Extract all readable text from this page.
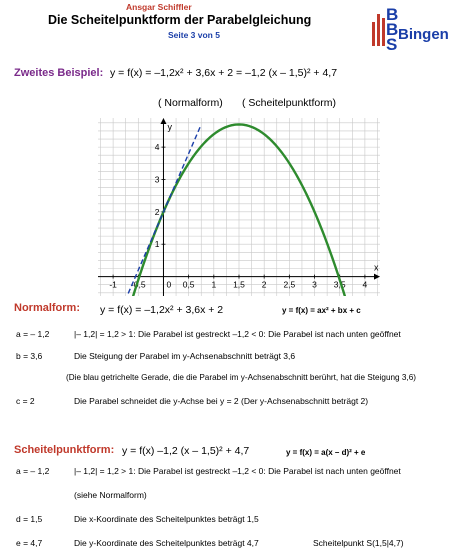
Ansgar Schiffler
Die Scheitelpunktform der Parabelgleichung
Seite 3 von 5
B
B
S
Bingen
Zweites Beispiel: y = f(x) = –1,2x² + 3,6x + 2 = –1,2 (x – 1,5)² + 4,7
( Normalform) ( Scheitelpunktform)
x
y
-1 -0,5 0 0,5 1 1,5 2 2,5 3 3,5 4
1
2
3
4
Normalform: y = f(x) = –1,2x² + 3,6x + 2	y = f(x) = ax² + bx + c
a = – 1,2	|– 1,2| = 1,2 > 1: Die Parabel ist gestreckt –1,2 < 0: Die Parabel ist nach unten geöffnet
b = 3,6	Die Steigung der Parabel im y-Achsenabschnitt beträgt 3,6
(Die blau getrichelte Gerade, die die Parabel im y-Achsenabschnitt berührt, hat die Steigung 3,6)
c = 2	Die Parabel schneidet die y-Achse bei y = 2 (Der y-Achsenabschnitt beträgt 2)
Scheitelpunktform: y = f(x) –1,2 (x – 1,5)² + 4,7	y = f(x) = a(x – d)² + e
a = – 1,2	|– 1,2| = 1,2 > 1: Die Parabel ist gestreckt –1,2 < 0: Die Parabel ist nach unten geöffnet
(siehe Normalform)
d = 1,5	Die x-Koordinate des Scheitelpunktes beträgt 1,5
e = 4,7	Die y-Koordinate des Scheitelpunktes beträgt 4,7	Scheitelpunkt S(1,5|4,7)
